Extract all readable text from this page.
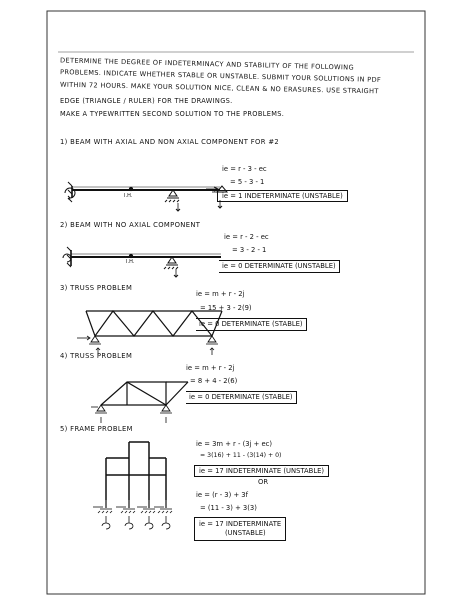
DETERMINE THE DEGREE OF INDETERMINACY AND STABILITY OF THE FOLLOWING
PROBLEMS. INDICATE WHETHER STABLE OR UNSTABLE. SUBMIT YOUR SOLUTIONS IN PDF
WITHIN 72 HOURS. MAKE YOUR SOLUTION NICE, CLEAN & NO ERASURES. USE STRAIGHT
EDGE (TRIANGLE / RULER) FOR THE DRAWINGS.
MAKE A TYPEWRITTEN SECOND SOLUTION TO THE PROBLEMS.
1) BEAM WITH AXIAL AND NON AXIAL COMPONENT FOR #2
I.H.
ie = r - 3 - ec
= 5 - 3 - 1
ie = 1 INDETERMINATE (UNSTABLE)
2) BEAM WITH NO AXIAL COMPONENT
I.H.
ie = r - 2 - ec
= 3 - 2 - 1
ie = 0 DETERMINATE (UNSTABLE)
3) TRUSS PROBLEM
ie = m + r - 2j
= 15 + 3 - 2(9)
ie = 0 DETERMINATE (STABLE)
4) TRUSS PROBLEM
ie = m + r - 2j
= 8 + 4 - 2(6)
ie = 0 DETERMINATE (STABLE)
5) FRAME PROBLEM
ie = 3m + r - (3j + ec)
= 3(16) + 11 - (3(14) + 0)
ie = 17 INDETERMINATE (UNSTABLE)
OR
ie = (r - 3) + 3f
= (11 - 3) + 3(3)
ie = 17 INDETERMINATE
(UNSTABLE)
